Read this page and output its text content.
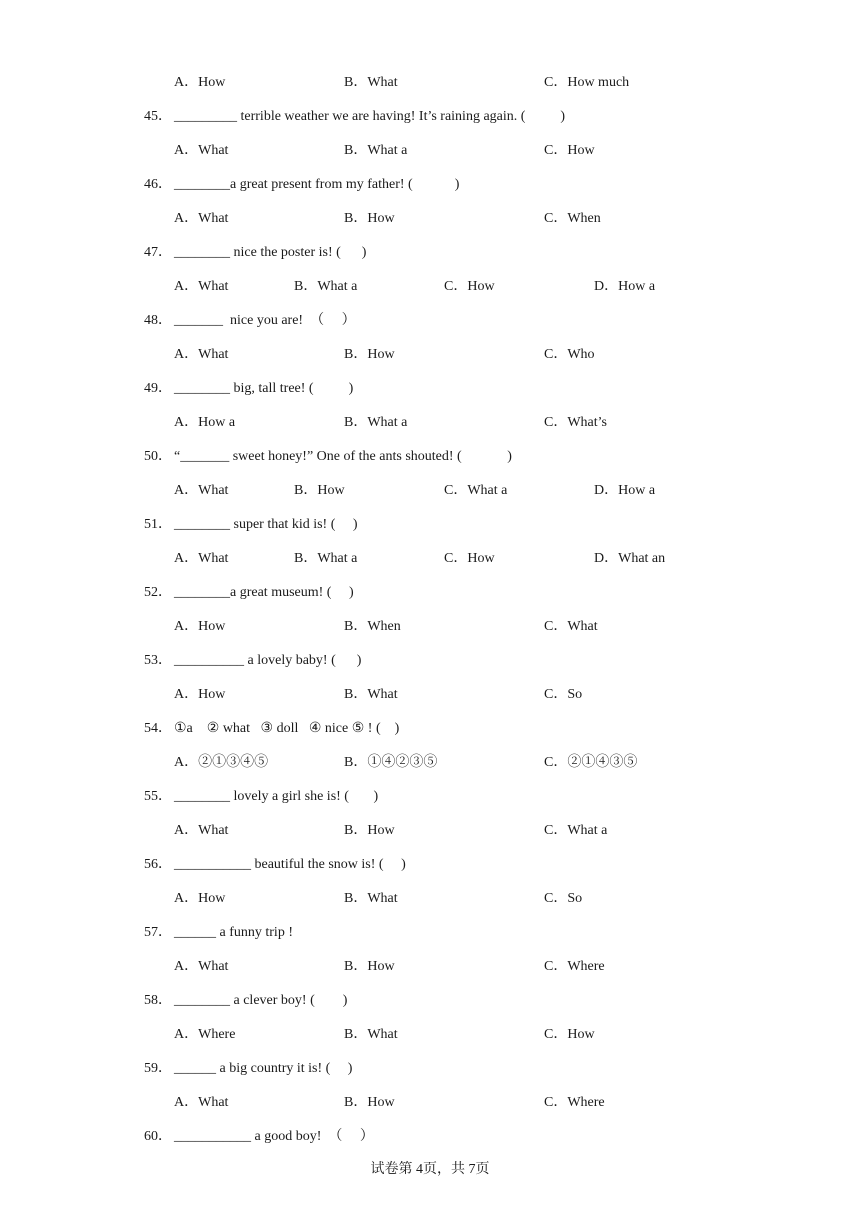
A．How	B．What	C．How much
45． _________ terrible weather we are having! It’s raining again. (          )
A．What	B．What a	C．How
46． ________a great present from my father! (            )
A．What	B．How	C．When
47． ________ nice the poster is! (      )
A．What	B．What a	C．How	D．How a
48． _______  nice you are!  （     ）
A．What	B．How	C．Who
49． ________ big, tall tree! (          )
A．How a	B．What a	C．What’s
50． “_______ sweet honey!” One of the ants shouted! (             )
A．What	B．How	C．What a	D．How a
51． ________ super that kid is! (     )
A．What	B．What a	C．How	D．What an
52． ________a great museum! (     )
A．How	B．When	C．What
53． __________ a lovely baby! (      )
A．How	B．What	C．So
54． ①a    ② what   ③ doll   ④ nice ⑤ ! (    )
A．②①③④⑤	B．①④②③⑤	C．②①④③⑤
55． ________ lovely a girl she is! (       )
A．What	B．How	C．What a
56． ___________ beautiful the snow is! (     )
A．How	B．What	C．So
57． ______ a funny trip !
A．What	B．How	C．Where
58． ________ a clever boy! (        )
A．Where	B．What	C．How
59． ______ a big country it is! (     )
A．What	B．How	C．Where
60． ___________ a good boy!  （     ）
试卷第 4页，共 7页
